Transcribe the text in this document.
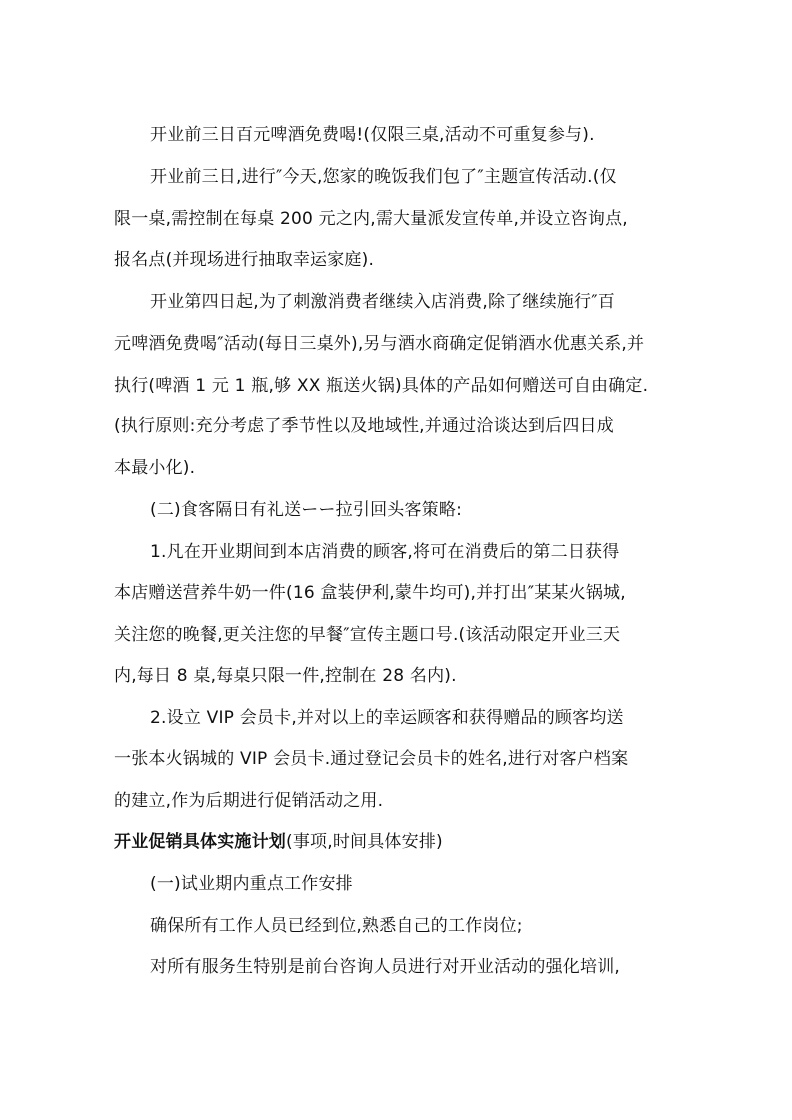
开业前三日百元啤酒免费喝!(仅限三桌,活动不可重复参与).
开业前三日,进行″今天,您家的晚饭我们包了″主题宣传活动.(仅
限一桌,需控制在每桌 200 元之内,需大量派发宣传单,并设立咨询点,
报名点(并现场进行抽取幸运家庭).
开业第四日起,为了刺激消费者继续入店消费,除了继续施行″百
元啤酒免费喝″活动(每日三桌外),另与酒水商确定促销酒水优惠关系,并
执行(啤酒 1 元 1 瓶,够 XX 瓶送火锅)具体的产品如何赠送可自由确定.
(执行原则:充分考虑了季节性以及地域性,并通过洽谈达到后四日成
本最小化).
(二)食客隔日有礼送ーー拉引回头客策略:
1.凡在开业期间到本店消费的顾客,将可在消费后的第二日获得
本店赠送营养牛奶一件(16 盒装伊利,蒙牛均可),并打出″某某火锅城,
关注您的晚餐,更关注您的早餐″宣传主题口号.(该活动限定开业三天
内,每日 8 桌,每桌只限一件,控制在 28 名内).
2.设立 VIP 会员卡,并对以上的幸运顾客和获得赠品的顾客均送
一张本火锅城的 VIP 会员卡.通过登记会员卡的姓名,进行对客户档案
的建立,作为后期进行促销活动之用.
开业促销具体实施计划(事项,时间具体安排)
(一)试业期内重点工作安排
确保所有工作人员已经到位,熟悉自己的工作岗位;
对所有服务生特别是前台咨询人员进行对开业活动的强化培训,
